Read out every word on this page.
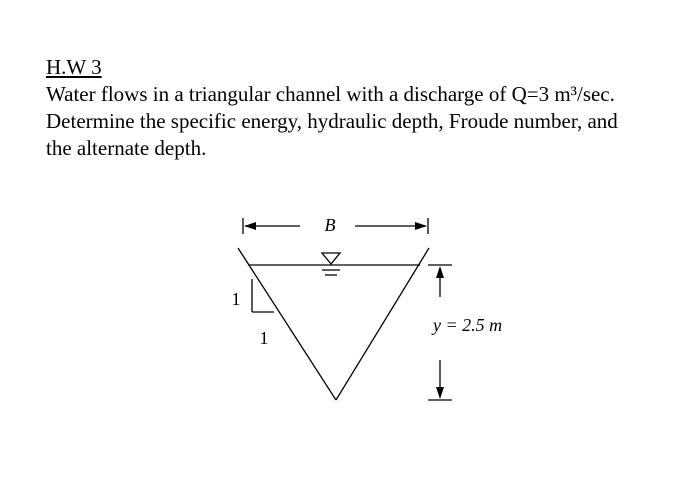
H.W 3
Water flows in a triangular channel with a discharge of Q=3 m³/sec.
Determine the specific energy, hydraulic depth, Froude number, and
the alternate depth.
B
1
1
y = 2.5 m
